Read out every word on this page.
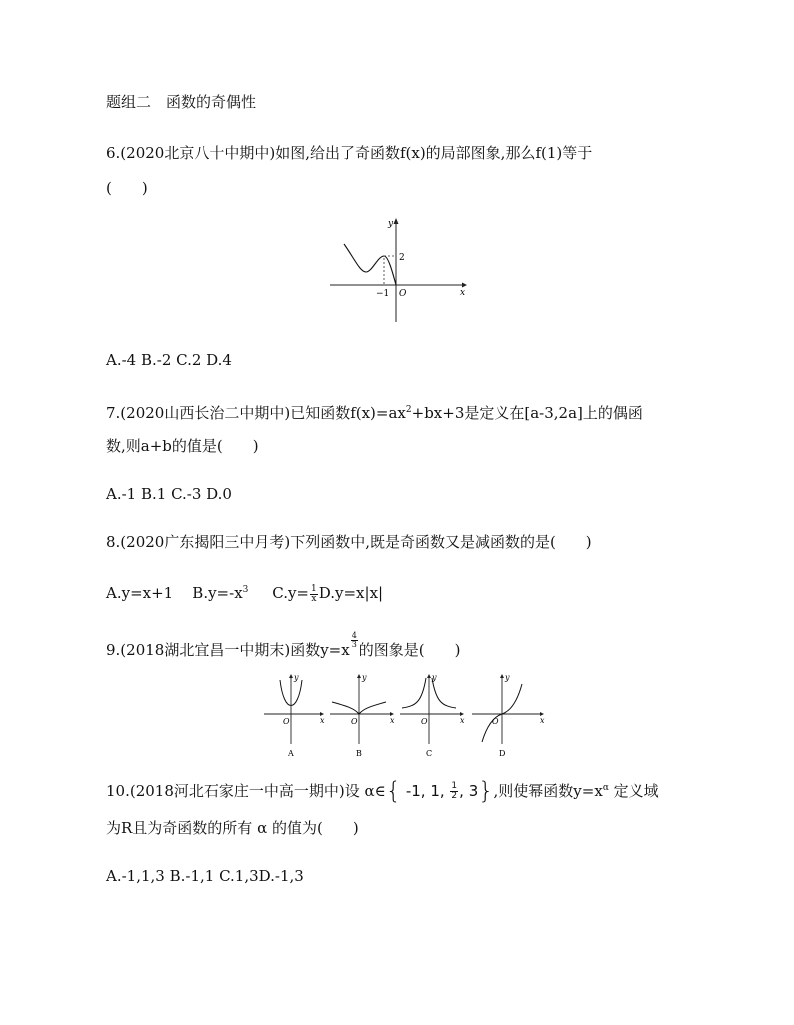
题组二　函数的奇偶性
6.(2020北京八十中期中)如图,给出了奇函数f(x)的局部图象,那么f(1)等于
(　　)
y
x
2
−1 O
A.-4 B.-2 C.2 D.4
7.(2020山西长治二中期中)已知函数$f(x)=ax^2+bx+3$是定义在[a-3,2a]上的偶函
数,则a+b的值是(　　)
A.-1 B.1 C.-3 D.0
8.(2020广东揭阳三中月考)下列函数中,既是奇函数又是减函数的是(　　)
A.y=x+1 $B.y=-x^3$ $C.y= \frac{1}{x} D.y=x|x|$
9.(2018湖北宜昌一中期末)函数y=x
$\frac{4}{3}$
的图象是(　　)
y
x
O
A
y
x
O
B
y
x
O
C
y
x
O
D
10.(2018河北石家庄一中高一期中)设 α∈{ -1, 1, $\frac{1}{2}$ , 3},则使幂函数$y=x^\alpha$ 定义域
为R且为奇函数的所有 α 的值为(　　)
A.-1,1,3 B.-1,1 C.1,3D.-1,3
